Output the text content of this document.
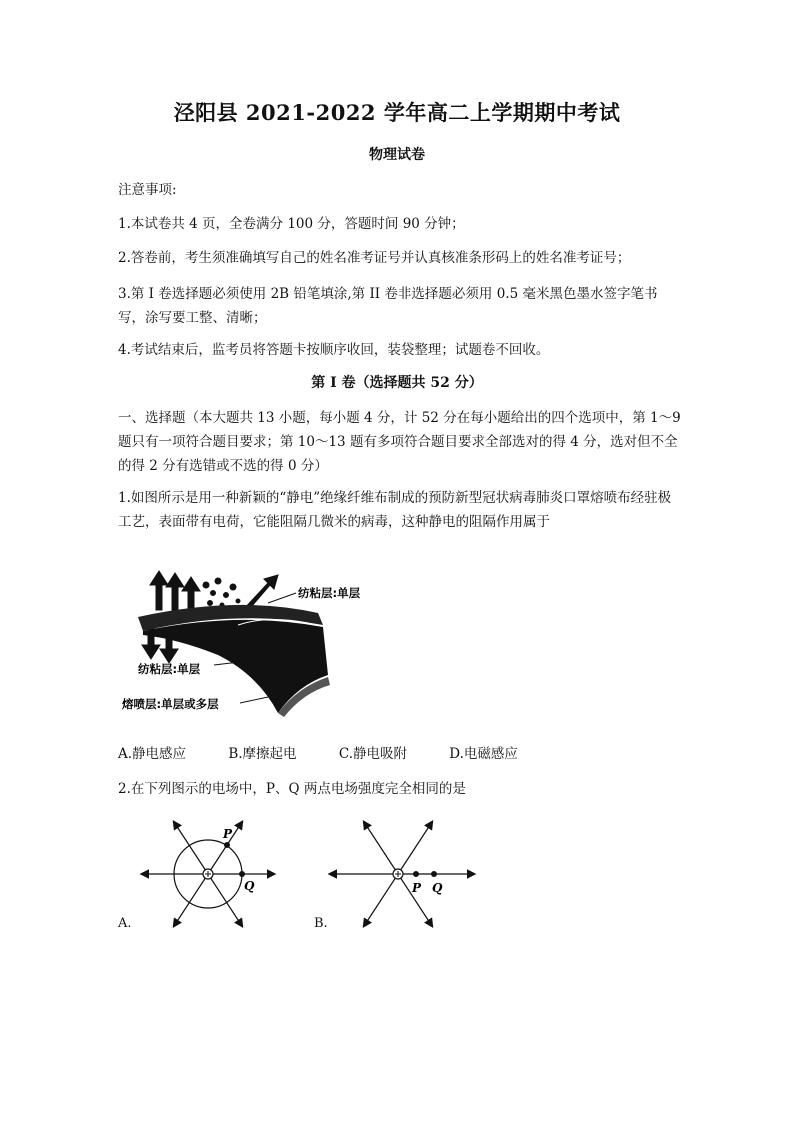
泾阳县 2021-2022 学年高二上学期期中考试
物理试卷
注意事项:
1.本试卷共 4 页，全卷满分 100 分，答题时间 90 分钟；
2.答卷前，考生须准确填写自己的姓名准考证号并认真核准条形码上的姓名准考证号；
3.第 I 卷选择题必须使用 2B 铅笔填涂,第 II 卷非选择题必须用 0.5 毫米黑色墨水签字笔书写，涂写要工整、清晰；
4.考试结束后，监考员将答题卡按顺序收回，装袋整理；试题卷不回收。
第 I 卷（选择题共 52 分）
一、选择题（本大题共 13 小题，每小题 4 分，计 52 分在每小题给出的四个选项中，第 1～9 题只有一项符合题目要求；第 10～13 题有多项符合题目要求全部选对的得 4 分，选对但不全的得 2 分有选错或不选的得 0 分）
1.如图所示是用一种新颖的“静电”绝缘纤维布制成的预防新型冠状病毒肺炎口罩熔喷布经驻极工艺，表面带有电荷，它能阻隔几微米的病毒，这种静电的阻隔作用属于
纺粘层:单层
纺粘层:单层
熔喷层:单层或多层
A.静电感应	B.摩擦起电	C.静电吸附	D.电磁感应
2.在下列图示的电场中，P、Q 两点电场强度完全相同的是
P
Q
A.
P Q
B.
